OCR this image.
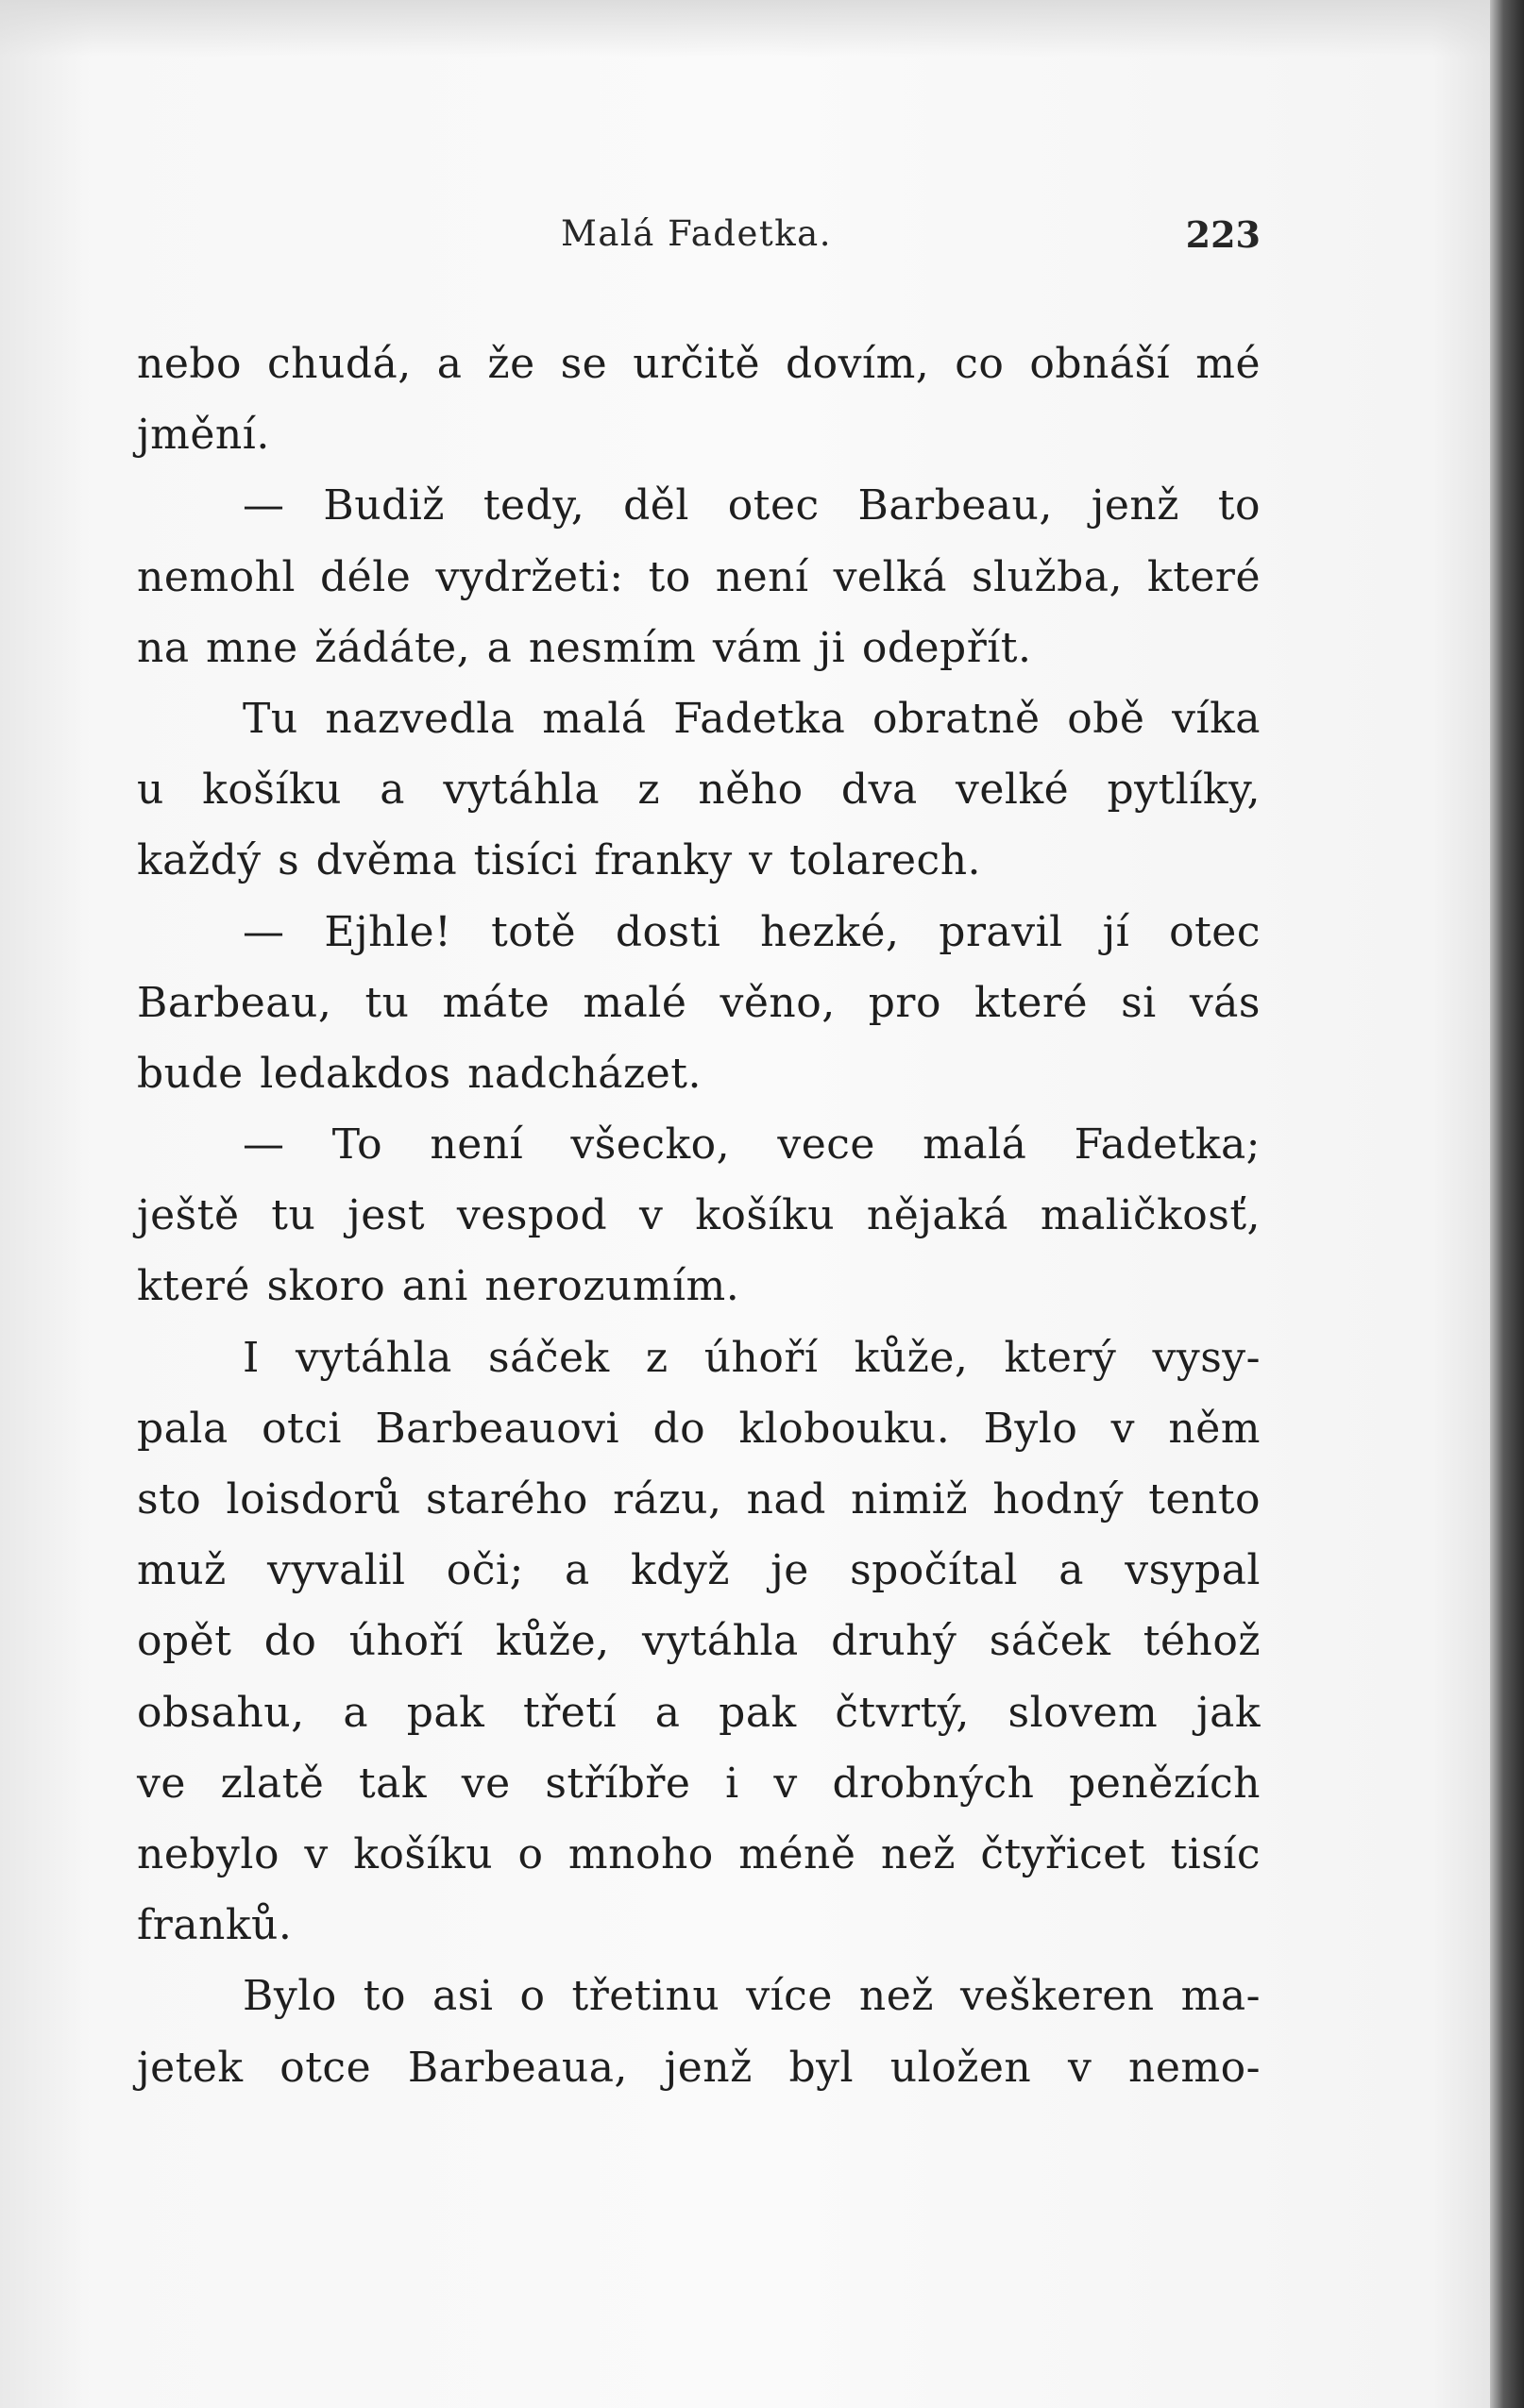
Malá Fadetka.	223
nebo chudá, a že se určitě dovím, co obnáší mé
jmění.
— Budiž tedy, děl otec Barbeau, jenž to
nemohl déle vydržeti: to není velká služba, které
na mne žádáte, a nesmím vám ji odepřít.
Tu nazvedla malá Fadetka obratně obě víka
u košíku a vytáhla z něho dva velké pytlíky,
každý s dvěma tisíci franky v tolarech.
— Ejhle! totě dosti hezké, pravil jí otec
Barbeau, tu máte malé věno, pro které si vás
bude ledakdos nadcházet.
— To není všecko, vece malá Fadetka;
ještě tu jest vespod v košíku nějaká maličkosť,
které skoro ani nerozumím.
I vytáhla sáček z úhoří kůže, který vysy-
pala otci Barbeauovi do klobouku. Bylo v něm
sto loisdorů starého rázu, nad nimiž hodný tento
muž vyvalil oči; a když je spočítal a vsypal
opět do úhoří kůže, vytáhla druhý sáček téhož
obsahu, a pak třetí a pak čtvrtý, slovem jak
ve zlatě tak ve stříbře i v drobných penězích
nebylo v košíku o mnoho méně než čtyřicet tisíc
franků.
Bylo to asi o třetinu více než veškeren ma-
jetek otce Barbeaua, jenž byl uložen v nemo-
